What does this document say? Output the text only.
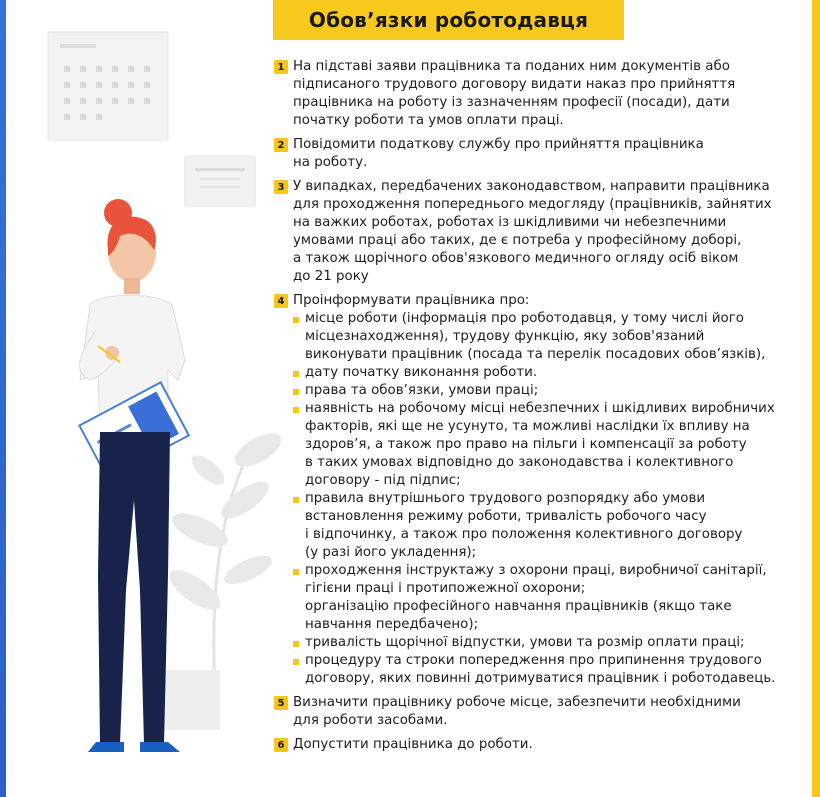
Обов’язки роботодавця
1 На підставі заяви працівника та поданих ним документів або
підписаного трудового договору видати наказ про прийняття
працівника на роботу із зазначенням професії (посади), дати
початку роботи та умов оплати праці.
2 Повідомити податкову службу про прийняття працівника
на роботу.
3 У випадках, передбачених законодавством, направити працівника
для проходження попереднього медогляду (працівників, зайнятих
на важких роботах, роботах із шкідливими чи небезпечними
умовами праці або таких, де є потреба у професійному доборі,
а також щорічного обов'язкового медичного огляду осіб віком
до 21 року
4 Проінформувати працівника про:
місце роботи (інформація про роботодавця, у тому числі його
місцезнаходження), трудову функцію, яку зобов'язаний
виконувати працівник (посада та перелік посадових обов’язків),
дату початку виконання роботи.
права та обов’язки, умови праці;
наявність на робочому місці небезпечних і шкідливих виробничих
факторів, які ще не усунуто, та можливі наслідки їх впливу на
здоров’я, а також про право на пільги і компенсації за роботу
в таких умовах відповідно до законодавства і колективного
договору - під підпис;
правила внутрішнього трудового розпорядку або умови
встановлення режиму роботи, тривалість робочого часу
і відпочинку, а також про положення колективного договору
(у разі його укладення);
проходження інструктажу з охорони праці, виробничої санітарії,
гігієни праці і протипожежної охорони;
організацію професійного навчання працівників (якщо таке
навчання передбачено);
тривалість щорічної відпустки, умови та розмір оплати праці;
процедуру та строки попередження про припинення трудового
договору, яких повинні дотримуватися працівник і роботодавець.
5 Визначити працівнику робоче місце, забезпечити необхідними
для роботи засобами.
6 Допустити працівника до роботи.
